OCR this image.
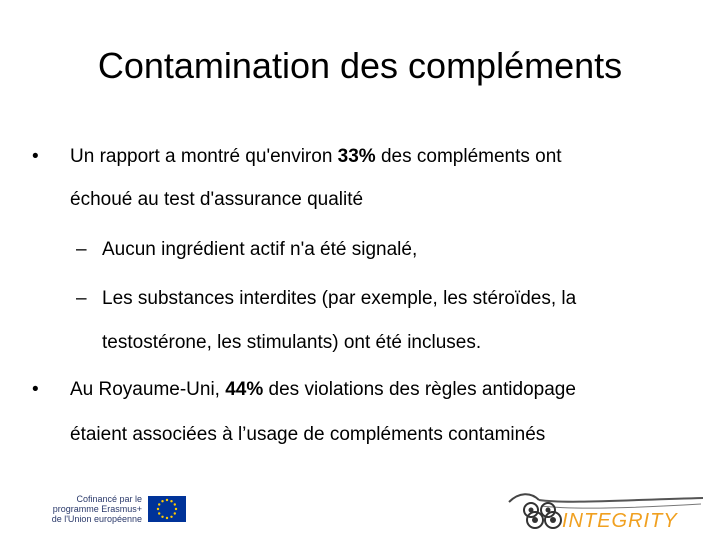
Contamination des compléments
• Un rapport a montré qu'environ 33% des compléments ont
échoué au test d'assurance qualité
– Aucun ingrédient actif n'a été signalé,
– Les substances interdites (par exemple, les stéroïdes, la
testostérone, les stimulants) ont été incluses.
• Au Royaume-Uni, 44% des violations des règles antidopage
étaient associées à l’usage de compléments contaminés
Cofinancé par le
programme Erasmus+
de l'Union européenne	INTEGRITY
